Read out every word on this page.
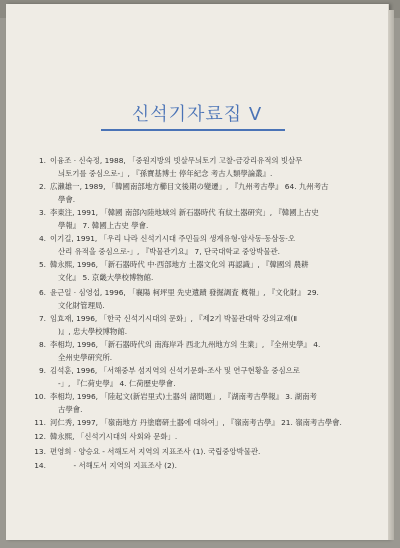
신석기자료집 V
1. 이융조 · 신숙정, 1988, 「중원지방의 빗살무늬토기 고찰-금강리유적의 빗살무
늬토기를 중심으로-」, 『孫寶基博士 停年紀念 考古人類學論叢』.
2. 広瀨雄一, 1989, 「韓國南部地方櫛目文後期の變遷」, 『九州考古學』 64. 九州考古
學會.
3. 李東注, 1991, 「韓國 南部內陸地域의 新石器時代 有紋土器硏究」, 『韓國上古史
學報』 7. 韓國上古史 學會.
4. 이기길, 1991, 「우리 나라 신석기시대 주민들의 생계유형-암사동·동삼동·오
산리 유적을 중심으로-」, 『박물관기요』 7, 단국대학교 중앙박물관.
5. 韓永熙, 1996, 「新石器時代 中·西部地方 土器文化의 再認識」, 『韓國의 農耕
文化』 5. 京畿大學校博物館.
6. 윤근일 · 심영섭, 1996, 「襄陽 柯坪里 先史遺蹟 發掘調査 槪報」, 『文化財』 29.
文化財管理局.
7. 임효재, 1996, 「한국 신석기시대의 문화」, 『제2기 박물관대학 강의교재(Ⅱ
)』, 忠大學校博物館.
8. 李相均, 1996, 「新石器時代의 南海岸과 西北九州地方의 生業」, 『全州史學』 4.
全州史學硏究所.
9. 김석훈, 1996, 「서해중부 섬지역의 신석기문화-조사 및 연구현황을 중심으로
-」, 『仁荷史學』 4. 仁荷歷史學會.
10. 李相均, 1996, 「陸起文(新岩里式)土器의 諸問題」, 『湖南考古學報』 3. 湖南考
古學會.
11. 河仁秀, 1997, 「嶺南地方 丹塗磨硏土器에 대하여」, 『嶺南考古學』 21. 嶺南考古學會.
12. 韓永熙, 「신석기시대의 사회와 문화」.
13. 편영희 · 양승요 - 서해도서 지역의 지표조사 (1). 국립중앙박물관.
14. - 서해도서 지역의 지표조사 (2).
